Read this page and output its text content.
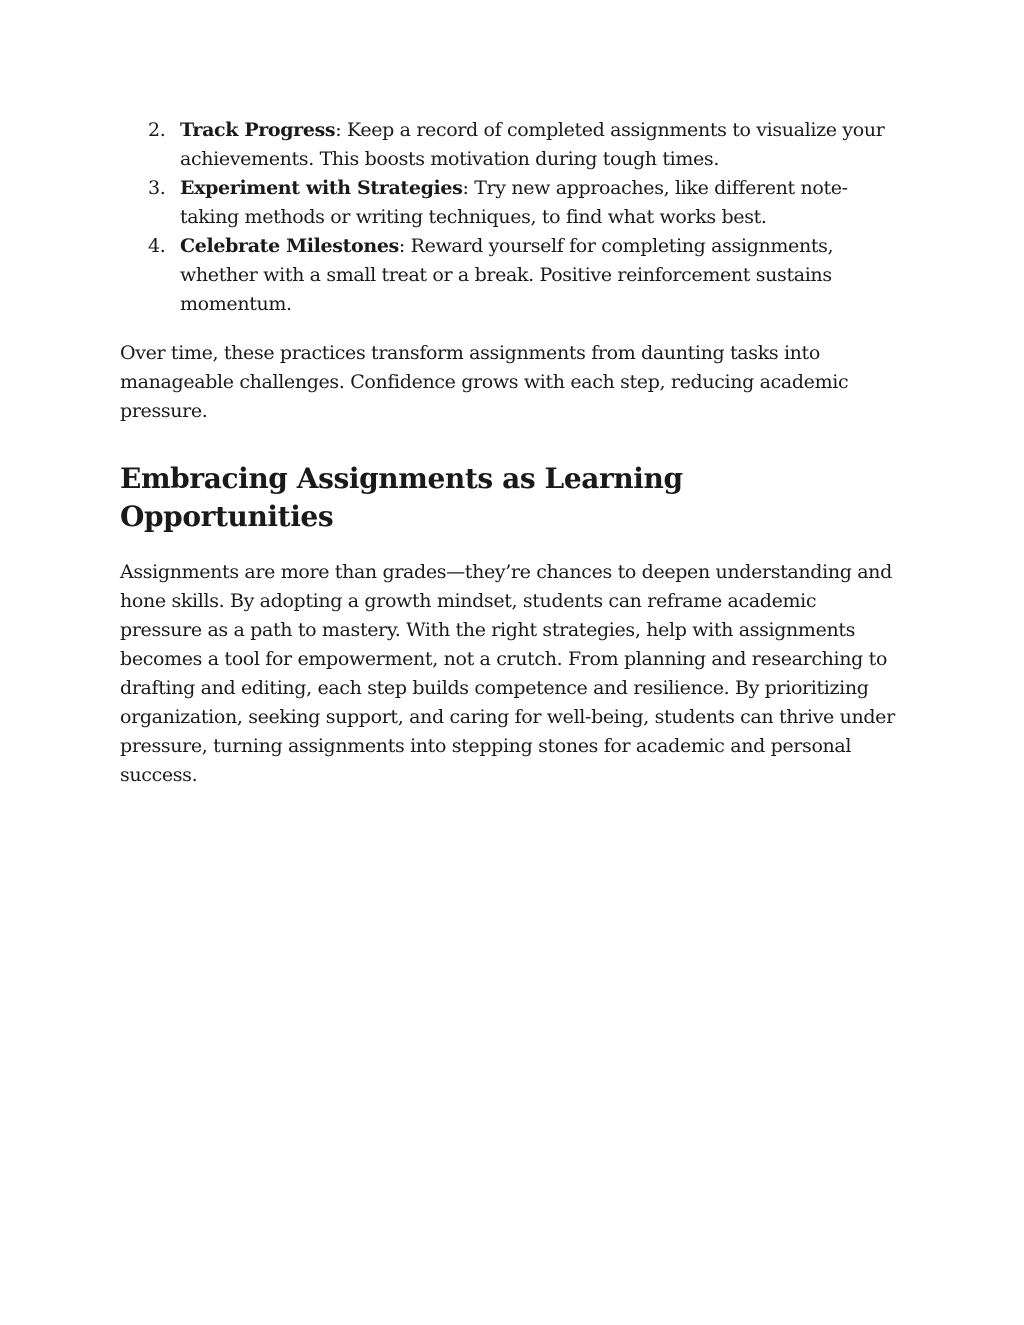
2. Track Progress: Keep a record of completed assignments to visualize your achievements. This boosts motivation during tough times.
3. Experiment with Strategies: Try new approaches, like different note-taking methods or writing techniques, to find what works best.
4. Celebrate Milestones: Reward yourself for completing assignments, whether with a small treat or a break. Positive reinforcement sustains momentum.

Over time, these practices transform assignments from daunting tasks into manageable challenges. Confidence grows with each step, reducing academic pressure.

Embracing Assignments as Learning Opportunities

Assignments are more than grades—they’re chances to deepen understanding and hone skills. By adopting a growth mindset, students can reframe academic pressure as a path to mastery. With the right strategies, help with assignments becomes a tool for empowerment, not a crutch. From planning and researching to drafting and editing, each step builds competence and resilience. By prioritizing organization, seeking support, and caring for well-being, students can thrive under pressure, turning assignments into stepping stones for academic and personal success.
